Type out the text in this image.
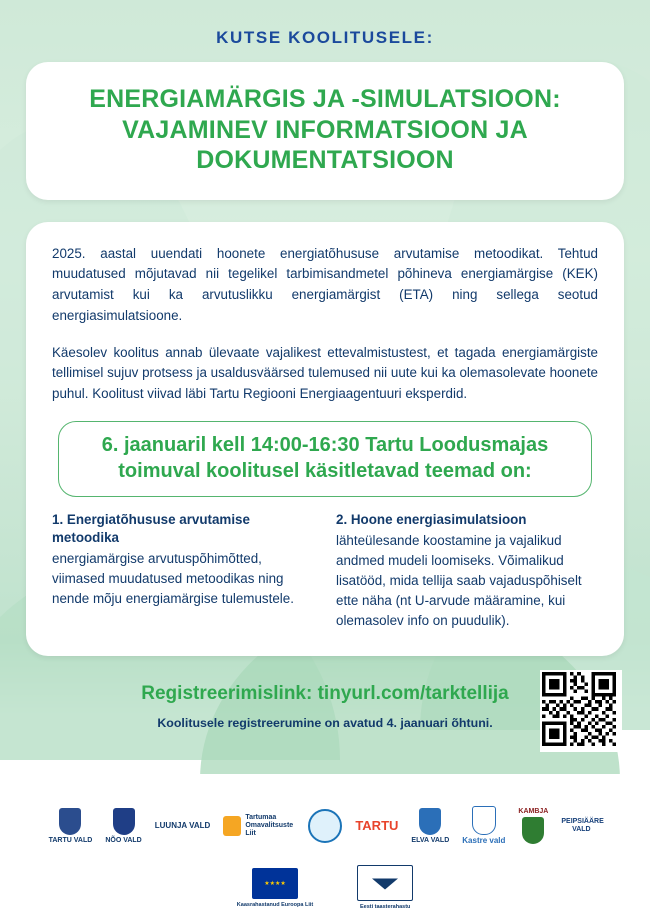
KUTSE KOOLITUSELE:
ENERGIAMÄRGIS JA -SIMULATSIOON:
VAJAMINEV INFORMATSIOON JA
DOKUMENTATSIOON

2025. aastal uuendati hoonete energiatõhususe arvutamise metoodikat. Tehtud muudatused mõjutavad nii tegelikel tarbimisandmetel põhineva energiamärgise (KEK) arvutamist kui ka arvutuslikku energiamärgist (ETA) ning sellega seotud energiasimulatsioone.

Käesolev koolitus annab ülevaate vajalikest ettevalmistustest, et tagada energiamärgiste tellimisel sujuv protsess ja usaldusväärsed tulemused nii uute kui ka olemasolevate hoonete puhul. Koolitust viivad läbi Tartu Regiooni Energiaagentuuri eksperdid.

6. jaanuaril kell 14:00-16:30 Tartu Loodusmajas
toimuval koolitusel käsitletavad teemad on:
1. Energiatõhususe arvutamise metoodika

energiamärgise arvutuspõhimõtted, viimased muudatused metoodikas ning nende mõju energiamärgise tulemustele.

2. Hoone energiasimulatsioon

lähteülesande koostamine ja vajalikud andmed mudeli loomiseks. Võimalikud lisatööd, mida tellija saab vajaduspõhiselt ette näha (nt U-arvude määramine, kui olemasolev info on puudulik).

Registreerimislink: tinyurl.com/tarktellija
Koolitusele registreerumine on avatud 4. jaanuari õhtuni.
TARTU VALD NÕO VALD
LUUNJA VALD
Tartumaa Omavalitsuste Liit
TARTU
ELVA VALD Kastre vald
KAMBJA
PEIPSIÄÄRE VALD
★★★★
Kaasrahastanud Euroopa Liit	Eesti taasterahastu
